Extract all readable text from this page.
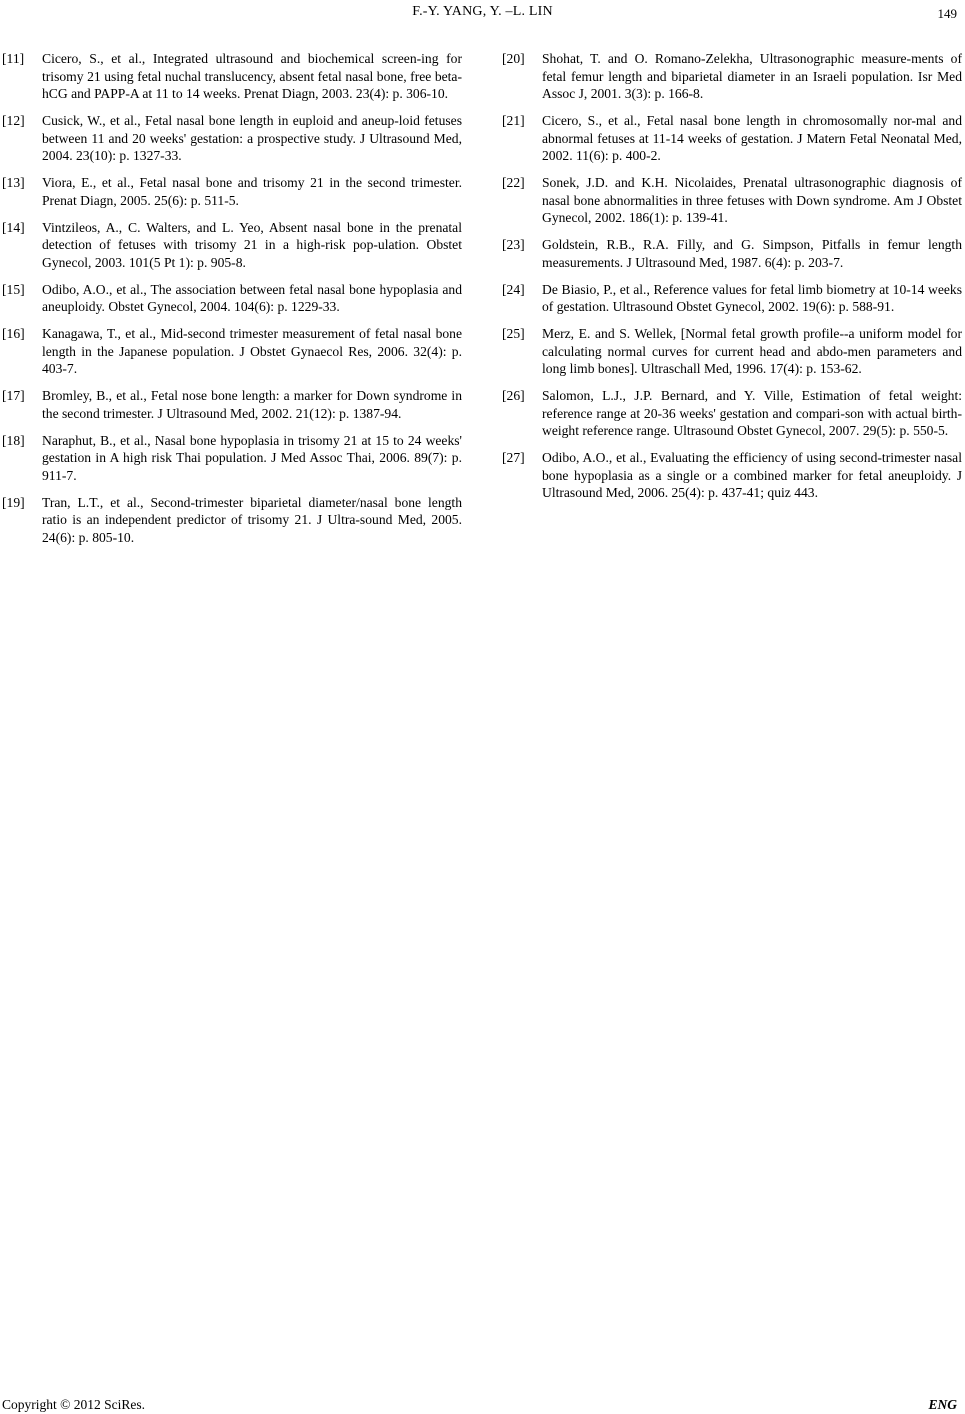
F.-Y. YANG, Y. –L. LIN	149
[11]	Cicero, S., et al., Integrated ultrasound and biochemical screen-ing for trisomy 21 using fetal nuchal translucency, absent fetal nasal bone, free beta-hCG and PAPP-A at 11 to 14 weeks. Prenat Diagn, 2003. 23(4): p. 306-10.
[12]	Cusick, W., et al., Fetal nasal bone length in euploid and aneup-loid fetuses between 11 and 20 weeks' gestation: a prospective study. J Ultrasound Med, 2004. 23(10): p. 1327-33.
[13]	Viora, E., et al., Fetal nasal bone and trisomy 21 in the second trimester. Prenat Diagn, 2005. 25(6): p. 511-5.
[14]	Vintzileos, A., C. Walters, and L. Yeo, Absent nasal bone in the prenatal detection of fetuses with trisomy 21 in a high-risk pop-ulation. Obstet Gynecol, 2003. 101(5 Pt 1): p. 905-8.
[15]	Odibo, A.O., et al., The association between fetal nasal bone hypoplasia and aneuploidy. Obstet Gynecol, 2004. 104(6): p. 1229-33.
[16]	Kanagawa, T., et al., Mid-second trimester measurement of fetal nasal bone length in the Japanese population. J Obstet Gynaecol Res, 2006. 32(4): p. 403-7.
[17]	Bromley, B., et al., Fetal nose bone length: a marker for Down syndrome in the second trimester. J Ultrasound Med, 2002. 21(12): p. 1387-94.
[18]	Naraphut, B., et al., Nasal bone hypoplasia in trisomy 21 at 15 to 24 weeks' gestation in A high risk Thai population. J Med Assoc Thai, 2006. 89(7): p. 911-7.
[19]	Tran, L.T., et al., Second-trimester biparietal diameter/nasal bone length ratio is an independent predictor of trisomy 21. J Ultra-sound Med, 2005. 24(6): p. 805-10.
[20]	Shohat, T. and O. Romano-Zelekha, Ultrasonographic measure-ments of fetal femur length and biparietal diameter in an Israeli population. Isr Med Assoc J, 2001. 3(3): p. 166-8.
[21]	Cicero, S., et al., Fetal nasal bone length in chromosomally nor-mal and abnormal fetuses at 11-14 weeks of gestation. J Matern Fetal Neonatal Med, 2002. 11(6): p. 400-2.
[22]	Sonek, J.D. and K.H. Nicolaides, Prenatal ultrasonographic diagnosis of nasal bone abnormalities in three fetuses with Down syndrome. Am J Obstet Gynecol, 2002. 186(1): p. 139-41.
[23]	Goldstein, R.B., R.A. Filly, and G. Simpson, Pitfalls in femur length measurements. J Ultrasound Med, 1987. 6(4): p. 203-7.
[24]	De Biasio, P., et al., Reference values for fetal limb biometry at 10-14 weeks of gestation. Ultrasound Obstet Gynecol, 2002. 19(6): p. 588-91.
[25]	Merz, E. and S. Wellek, [Normal fetal growth profile--a uniform model for calculating normal curves for current head and abdo-men parameters and long limb bones]. Ultraschall Med, 1996. 17(4): p. 153-62.
[26]	Salomon, L.J., J.P. Bernard, and Y. Ville, Estimation of fetal weight: reference range at 20-36 weeks' gestation and compari-son with actual birth-weight reference range. Ultrasound Obstet Gynecol, 2007. 29(5): p. 550-5.
[27]	Odibo, A.O., et al., Evaluating the efficiency of using second-trimester nasal bone hypoplasia as a single or a combined marker for fetal aneuploidy. J Ultrasound Med, 2006. 25(4): p. 437-41; quiz 443.
Copyright © 2012 SciRes.	ENG
